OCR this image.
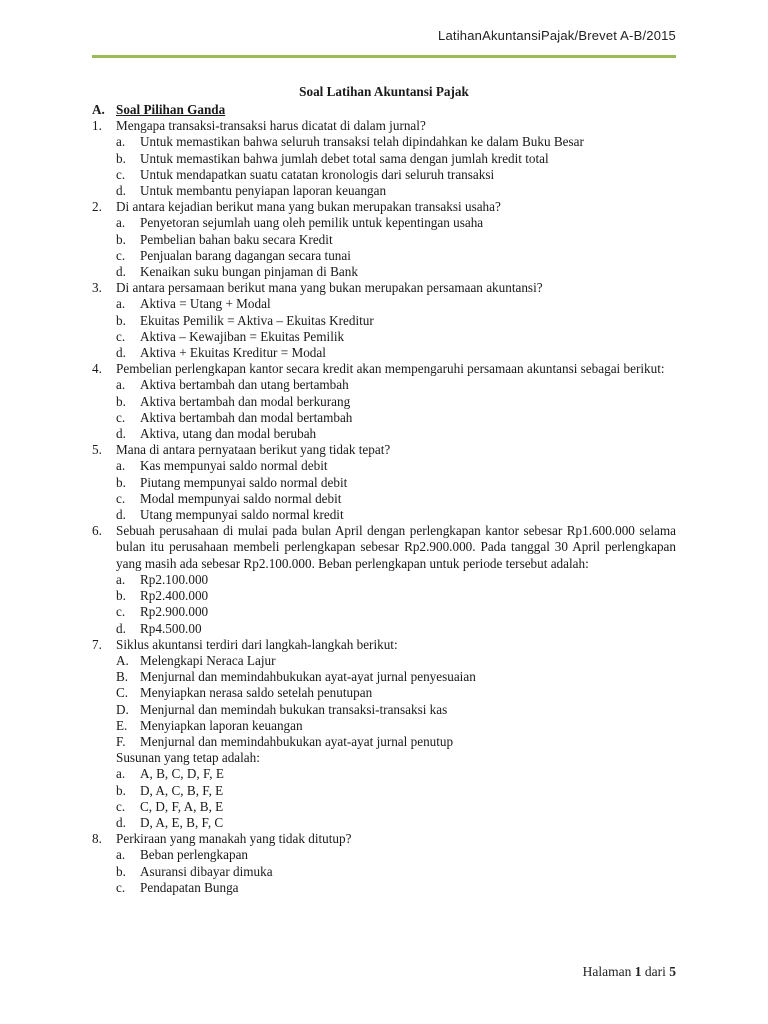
LatihanAkuntansiPajak/Brevet A-B/2015
Soal Latihan Akuntansi Pajak
A. Soal Pilihan Ganda
1.	Mengapa transaksi-transaksi harus dicatat di dalam jurnal?
a.	Untuk memastikan bahwa seluruh transaksi telah dipindahkan ke dalam Buku Besar
b.	Untuk memastikan bahwa jumlah debet total sama dengan jumlah kredit total
c.	Untuk mendapatkan suatu catatan kronologis dari seluruh transaksi
d.	Untuk membantu penyiapan laporan keuangan
2.	Di antara kejadian berikut mana yang bukan merupakan transaksi usaha?
a.	Penyetoran sejumlah uang oleh pemilik untuk kepentingan usaha
b.	Pembelian bahan baku secara Kredit
c.	Penjualan barang dagangan secara tunai
d.	Kenaikan suku bungan pinjaman di Bank
3.	Di antara persamaan berikut mana yang bukan merupakan persamaan akuntansi?
a.	Aktiva = Utang + Modal
b.	Ekuitas Pemilik = Aktiva – Ekuitas Kreditur
c.	Aktiva – Kewajiban = Ekuitas Pemilik
d.	Aktiva + Ekuitas Kreditur = Modal
4.	Pembelian perlengkapan kantor secara kredit akan mempengaruhi persamaan akuntansi sebagai berikut:
a.	Aktiva bertambah dan utang bertambah
b.	Aktiva bertambah dan modal berkurang
c.	Aktiva bertambah dan modal bertambah
d.	Aktiva, utang dan modal berubah
5.	Mana di antara pernyataan berikut yang tidak tepat?
a.	Kas mempunyai saldo normal debit
b.	Piutang mempunyai saldo normal debit
c.	Modal mempunyai saldo normal debit
d.	Utang mempunyai saldo normal kredit
6.	Sebuah perusahaan di mulai pada bulan April dengan perlengkapan kantor sebesar Rp1.600.000 selama bulan itu perusahaan membeli perlengkapan sebesar Rp2.900.000. Pada tanggal 30 April perlengkapan yang masih ada sebesar Rp2.100.000. Beban perlengkapan untuk periode tersebut adalah:
a.	Rp2.100.000
b.	Rp2.400.000
c.	Rp2.900.000
d.	Rp4.500.00
7.	Siklus akuntansi terdiri dari langkah-langkah berikut:
A. Melengkapi Neraca Lajur
B. Menjurnal dan memindahbukukan ayat-ayat jurnal penyesuaian
C. Menyiapkan nerasa saldo setelah penutupan
D. Menjurnal dan memindah bukukan transaksi-transaksi kas
E. Menyiapkan laporan keuangan
F.	Menjurnal dan memindahbukukan ayat-ayat jurnal penutup
Susunan yang tetap adalah:
a.	A, B, C, D, F, E
b.	D, A, C, B, F, E
c.	C, D, F, A, B, E
d.	D, A, E, B, F, C
8.	Perkiraan yang manakah yang tidak ditutup?
a.	Beban perlengkapan
b.	Asuransi dibayar dimuka
c.	Pendapatan Bunga
Halaman 1 dari 5
